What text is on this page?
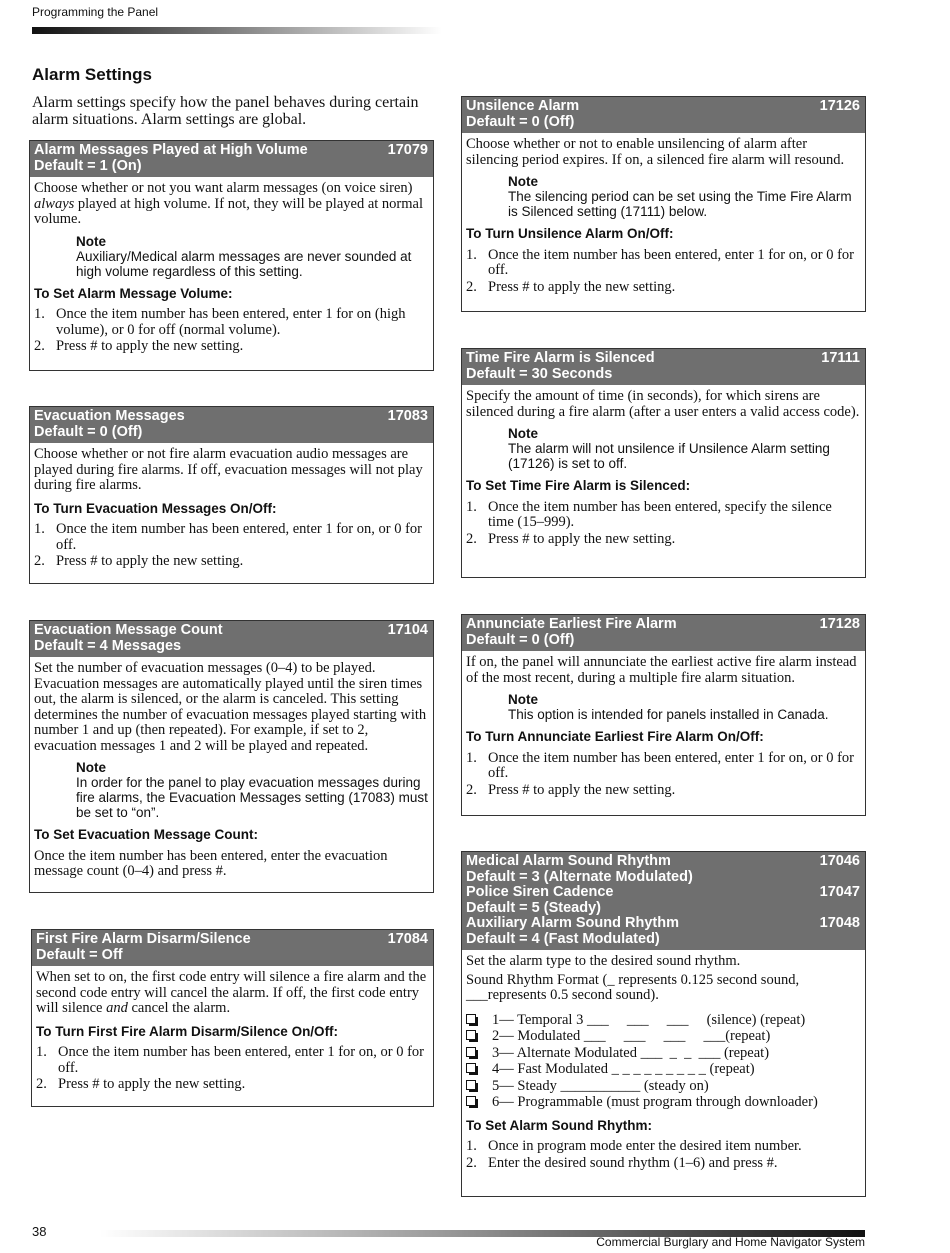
Programming the Panel
Alarm Settings
Alarm settings specify how the panel behaves during certain alarm situations. Alarm settings are global.
Alarm Messages Played at High Volume	17079
Default = 1 (On)

Choose whether or not you want alarm messages (on voice siren) always played at high volume. If not, they will be played at normal volume.

Note
Auxiliary/Medical alarm messages are never sounded at high volume regardless of this setting.
To Set Alarm Message Volume:
1. Once the item number has been entered, enter 1 for on (high volume), or 0 for off (normal volume).
2. Press # to apply the new setting.
Evacuation Messages	17083
Default = 0 (Off)

Choose whether or not fire alarm evacuation audio messages are played during fire alarms. If off, evacuation messages will not play during fire alarms.

To Turn Evacuation Messages On/Off:
1. Once the item number has been entered, enter 1 for on, or 0 for off.
2. Press # to apply the new setting.
Evacuation Message Count	17104
Default = 4 Messages

Set the number of evacuation messages (0–4) to be played. Evacuation messages are automatically played until the siren times out, the alarm is silenced, or the alarm is canceled. This setting determines the number of evacuation messages played starting with number 1 and up (then repeated). For example, if set to 2, evacuation messages 1 and 2 will be played and repeated.

Note
In order for the panel to play evacuation messages during fire alarms, the Evacuation Messages setting (17083) must be set to “on”.
To Set Evacuation Message Count:

Once the item number has been entered, enter the evacuation message count (0–4) and press #.

First Fire Alarm Disarm/Silence	17084
Default = Off

When set to on, the first code entry will silence a fire alarm and the second code entry will cancel the alarm. If off, the first code entry will silence and cancel the alarm.

To Turn First Fire Alarm Disarm/Silence On/Off:
1. Once the item number has been entered, enter 1 for on, or 0 for off.
2. Press # to apply the new setting.
Unsilence Alarm	17126
Default = 0 (Off)

Choose whether or not to enable unsilencing of alarm after silencing period expires. If on, a silenced fire alarm will resound.

Note
The silencing period can be set using the Time Fire Alarm is Silenced setting (17111) below.
To Turn Unsilence Alarm On/Off:
1. Once the item number has been entered, enter 1 for on, or 0 for off.
2. Press # to apply the new setting.
Time Fire Alarm is Silenced	17111
Default = 30 Seconds

Specify the amount of time (in seconds), for which sirens are silenced during a fire alarm (after a user enters a valid access code).

Note
The alarm will not unsilence if Unsilence Alarm setting (17126) is set to off.
To Set Time Fire Alarm is Silenced:
1. Once the item number has been entered, specify the silence time (15–999).
2. Press # to apply the new setting.
Annunciate Earliest Fire Alarm	17128
Default = 0 (Off)

If on, the panel will annunciate the earliest active fire alarm instead of the most recent, during a multiple fire alarm situation.

Note
This option is intended for panels installed in Canada.
To Turn Annunciate Earliest Fire Alarm On/Off:
1. Once the item number has been entered, enter 1 for on, or 0 for off.
2. Press # to apply the new setting.
Medical Alarm Sound Rhythm	17046
Default = 3 (Alternate Modulated)
Police Siren Cadence	17047
Default = 5 (Steady)
Auxiliary Alarm Sound Rhythm	17048
Default = 4 (Fast Modulated)

Set the alarm type to the desired sound rhythm.

Sound Rhythm Format (_ represents 0.125 second sound, ___represents 0.5 second sound).

1— Temporal 3 ___     ___     ___     (silence) (repeat)
2— Modulated ___     ___     ___     ___(repeat)
3— Alternate Modulated ___  _  _  ___ (repeat)
4— Fast Modulated _ _ _ _ _ _ _ _ _ (repeat)
5— Steady ___________ (steady on)
6— Programmable (must program through downloader)
To Set Alarm Sound Rhythm:
1. Once in program mode enter the desired item number.
2. Enter the desired sound rhythm (1–6) and press #.
38
Commercial Burglary and Home Navigator System
